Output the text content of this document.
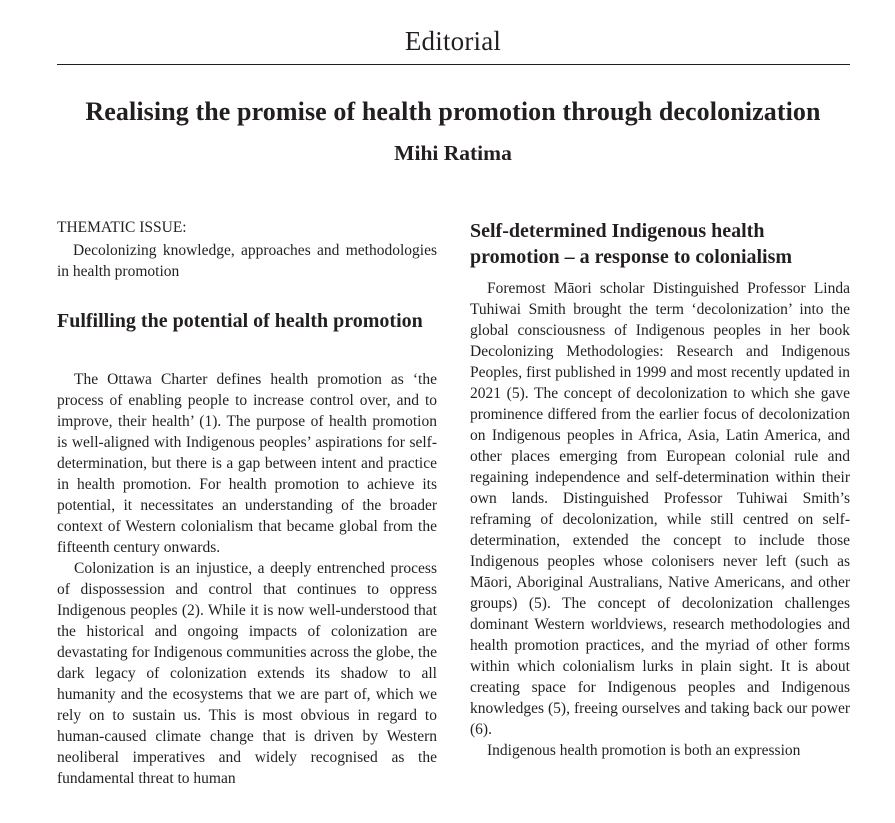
Editorial
Realising the promise of health promotion through decolonization
Mihi Ratima
THEMATIC ISSUE:
Decolonizing knowledge, approaches and methodologies in health promotion
Fulfilling the potential of health promotion

The Ottawa Charter defines health promotion as ‘the process of enabling people to increase control over, and to improve, their health’ (1). The purpose of health promotion is well-aligned with Indigenous peoples’ aspirations for self-determination, but there is a gap between intent and practice in health promotion. For health promotion to achieve its potential, it necessitates an understanding of the broader context of Western colonialism that became global from the fifteenth century onwards.

Colonization is an injustice, a deeply entrenched process of dispossession and control that continues to oppress Indigenous peoples (2). While it is now well-understood that the historical and ongoing impacts of colonization are devastating for Indigenous communities across the globe, the dark legacy of colonization extends its shadow to all humanity and the ecosystems that we are part of, which we rely on to sustain us. This is most obvious in regard to human-caused climate change that is driven by Western neoliberal imperatives and widely recognised as the fundamental threat to human

Self-determined Indigenous health promotion – a response to colonialism

Foremost Māori scholar Distinguished Professor Linda Tuhiwai Smith brought the term ‘decolonization’ into the global consciousness of Indigenous peoples in her book Decolonizing Methodologies: Research and Indigenous Peoples, first published in 1999 and most recently updated in 2021 (5). The concept of decolonization to which she gave prominence differed from the earlier focus of decolonization on Indigenous peoples in Africa, Asia, Latin America, and other places emerging from European colonial rule and regaining independence and self-determination within their own lands. Distinguished Professor Tuhiwai Smith’s reframing of decolonization, while still centred on self-determination, extended the concept to include those Indigenous peoples whose colonisers never left (such as Māori, Aboriginal Australians, Native Americans, and other groups) (5). The concept of decolonization challenges dominant Western worldviews, research methodologies and health promotion practices, and the myriad of other forms within which colonialism lurks in plain sight. It is about creating space for Indigenous peoples and Indigenous knowledges (5), freeing ourselves and taking back our power (6).

Indigenous health promotion is both an expression
